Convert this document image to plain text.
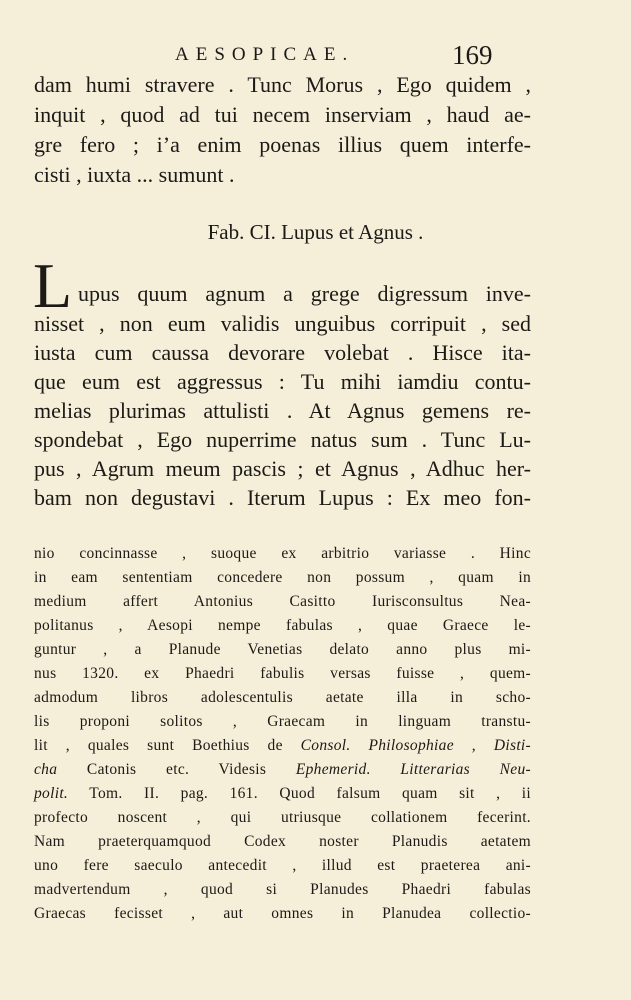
AESOPICAE.	169
dam humi stravere . Tunc Morus , Ego quidem ,
inquit , quod ad tui necem inserviam , haud ae-
gre fero ; i’a enim poenas illius quem interfe-
cisti , iuxta ... sumunt .
Fab. CI. Lupus et Agnus .
L upus quum agnum a grege digressum inve-
nisset , non eum validis unguibus corripuit , sed
iusta cum caussa devorare volebat . Hisce ita-
que eum est aggressus : Tu mihi iamdiu contu-
melias plurimas attulisti . At Agnus gemens re-
spondebat , Ego nuperrime natus sum . Tunc Lu-
pus , Agrum meum pascis ; et Agnus , Adhuc her-
bam non degustavi . Iterum Lupus : Ex meo fon-
nio concinnasse , suoque ex arbitrio variasse . Hinc
in eam sententiam concedere non possum , quam in
medium affert Antonius Casitto Iurisconsultus Nea-
politanus , Aesopi nempe fabulas , quae Graece le-
guntur , a Planude Venetias delato anno plus mi-
nus 1320. ex Phaedri fabulis versas fuisse , quem-
admodum libros adolescentulis aetate illa in scho-
lis proponi solitos , Graecam in linguam transtu-
lit , quales sunt Boethius de Consol. Philosophiae , Disti-
cha Catonis etc. Videsis Ephemerid. Litterarias Neu-
polit. Tom. II. pag. 161. Quod falsum quam sit , ii
profecto noscent , qui utriusque collationem fecerint.
Nam praeterquamquod Codex noster Planudis aetatem
uno fere saeculo antecedit , illud est praeterea ani-
madvertendum , quod si Planudes Phaedri fabulas
Graecas fecisset , aut omnes in Planudea collectio-
